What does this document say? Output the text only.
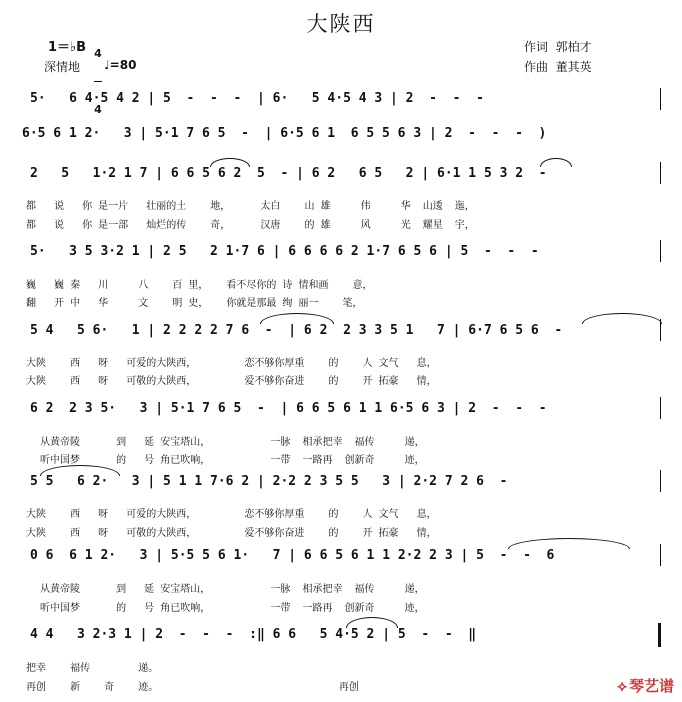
大陕西
1＝♭B

4

4

深情地 ♩=80
作词  郭柏才
作曲  董其英
5·   6 4·5 4 2 | 5  -  -  -  | 6·   5 4·5 4 3 | 2  -  -  -
6·5 6 1 2·   3 | 5·1 7 6 5  -  | 6·5 6 1  6 5 5 6 3 | 2  -  -  -  )
2   5   1·2 1 7 | 6 6 5 6 2  5  - | 6 2   6 5   2 | 6·1 1 5 3 2  -
都   说   你 是一片   壮丽的土    地，     太白    山 雄     伟     华  山逶  迤，
都   说   你 是一部   灿烂的传    奇，     汉唐    的 雄     风     光  耀星  宇，
5·   3 5 3·2 1 | 2 5   2 1·7 6 | 6 6 6 6 2 1·7 6 5 6 | 5  -  -  -
巍   巍 秦   川     八    百 里，   看不尽你的 诗 情和画    意，
翻   开 中   华     文    明 史，   你就是那最 绚 丽一    笔，
5 4   5 6·   1 | 2 2 2 2 7 6  -  | 6 2  2 3 3 5 1   7 | 6·7 6 5 6  -
大陕    西   呀   可爱的大陕西，        恋不够你厚重    的    人 文气   息，
大陕    西   呀   可敬的大陕西，        爱不够你奋进    的    开 拓豪   情，
6 2  2 3 5·   3 | 5·1 7 6 5  -  | 6 6 5 6 1 1 6·5 6 3 | 2  -  -  -
从黄帝陵      到   延 安宝塔山，          一脉  相承把幸  福传     递，
听中国梦      的   号 角已吹响，          一带  一路再  创新奇     迹，
5 5   6 2·   3 | 5 1 1 7·6 2 | 2·2 2 3 5 5   3 | 2·2 7 2 6  -
大陕    西   呀   可爱的大陕西，        恋不够你厚重    的    人 文气   息，
大陕    西   呀   可敬的大陕西，        爱不够你奋进    的    开 拓豪   情，
0 6  6 1 2·   3 | 5·5 5 6 1·   7 | 6 6 5 6 1 1 2·2 2 3 | 5  -  -  6
从黄帝陵      到   延 安宝塔山，          一脉  相承把幸  福传     递，
听中国梦      的   号 角已吹响，          一带  一路再  创新奇     迹，
4 4   3 2·3 1 | 2  -  -  -  :‖ 6 6   5 4·5 2 | 5  -  -  ‖
把幸    福传        递。
再创    新    奇    迹。                              再创	⟡ 琴艺谱
